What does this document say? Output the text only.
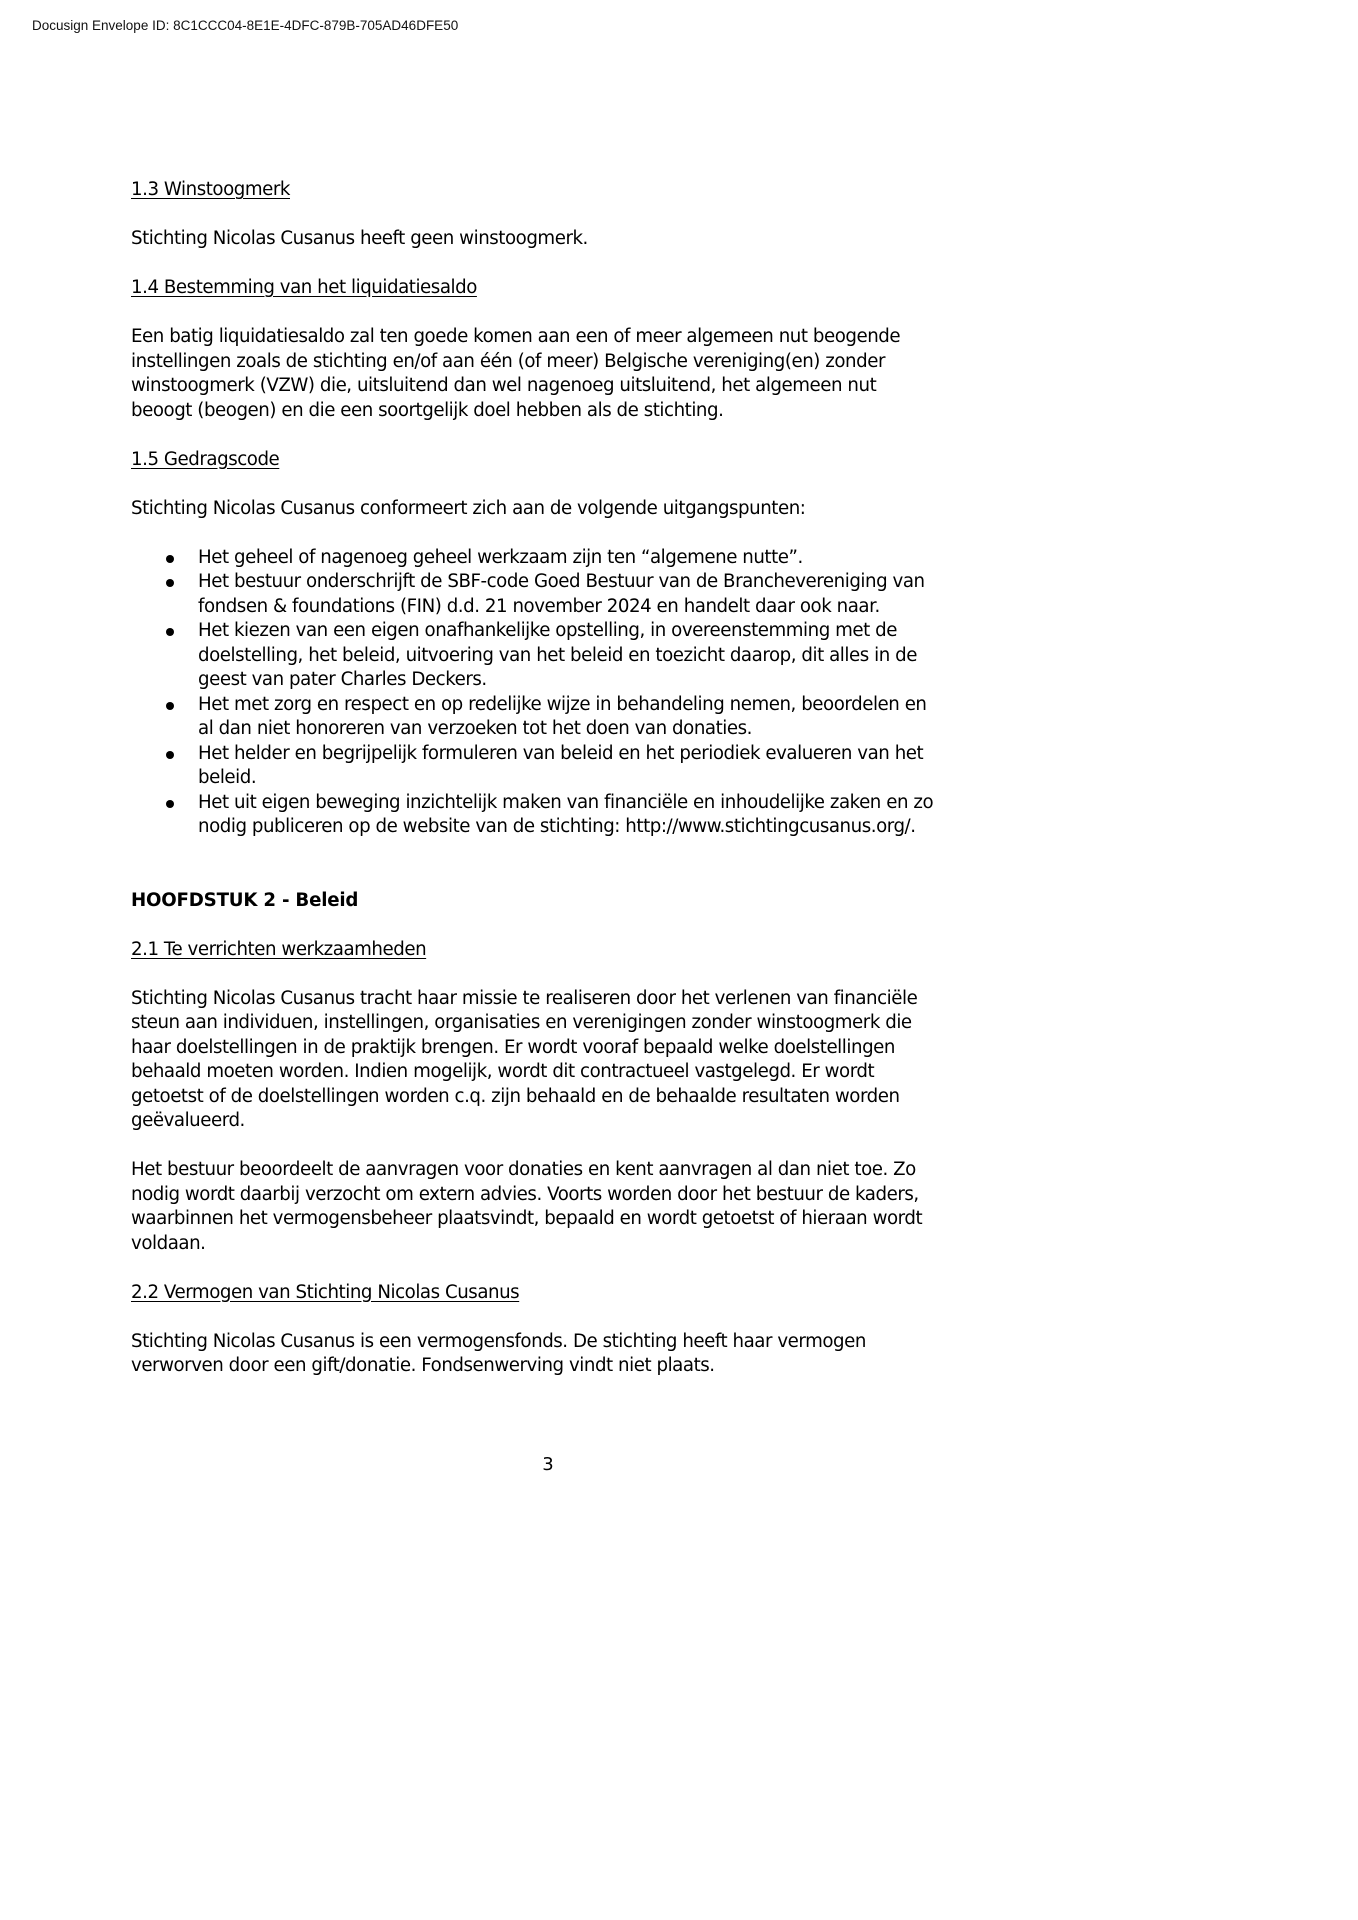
Docusign Envelope ID: 8C1CCC04-8E1E-4DFC-879B-705AD46DFE50

1.3 Winstoogmerk

Stichting Nicolas Cusanus heeft geen winstoogmerk.

1.4 Bestemming van het liquidatiesaldo

Een batig liquidatiesaldo zal ten goede komen aan een of meer algemeen nut beogende
instellingen zoals de stichting en/of aan één (of meer) Belgische vereniging(en) zonder
winstoogmerk (VZW) die, uitsluitend dan wel nagenoeg uitsluitend, het algemeen nut
beoogt (beogen) en die een soortgelijk doel hebben als de stichting.

1.5 Gedragscode

Stichting Nicolas Cusanus conformeert zich aan de volgende uitgangspunten:

Het geheel of nagenoeg geheel werkzaam zijn ten “algemene nutte”.
Het bestuur onderschrijft de SBF-code Goed Bestuur van de Branchevereniging van
fondsen & foundations (FIN) d.d. 21 november 2024 en handelt daar ook naar.
Het kiezen van een eigen onafhankelijke opstelling, in overeenstemming met de
doelstelling, het beleid, uitvoering van het beleid en toezicht daarop, dit alles in de
geest van pater Charles Deckers.
Het met zorg en respect en op redelijke wijze in behandeling nemen, beoordelen en
al dan niet honoreren van verzoeken tot het doen van donaties.
Het helder en begrijpelijk formuleren van beleid en het periodiek evalueren van het
beleid.
Het uit eigen beweging inzichtelijk maken van financiële en inhoudelijke zaken en zo
nodig publiceren op de website van de stichting: http://www.stichtingcusanus.org/.

HOOFDSTUK 2 - Beleid

2.1 Te verrichten werkzaamheden

Stichting Nicolas Cusanus tracht haar missie te realiseren door het verlenen van financiële
steun aan individuen, instellingen, organisaties en verenigingen zonder winstoogmerk die
haar doelstellingen in de praktijk brengen. Er wordt vooraf bepaald welke doelstellingen
behaald moeten worden. Indien mogelijk, wordt dit contractueel vastgelegd. Er wordt
getoetst of de doelstellingen worden c.q. zijn behaald en de behaalde resultaten worden
geëvalueerd.
Het bestuur beoordeelt de aanvragen voor donaties en kent aanvragen al dan niet toe. Zo
nodig wordt daarbij verzocht om extern advies. Voorts worden door het bestuur de kaders,
waarbinnen het vermogensbeheer plaatsvindt, bepaald en wordt getoetst of hieraan wordt
voldaan.

2.2 Vermogen van Stichting Nicolas Cusanus

Stichting Nicolas Cusanus is een vermogensfonds. De stichting heeft haar vermogen
verworven door een gift/donatie. Fondsenwerving vindt niet plaats.
3
